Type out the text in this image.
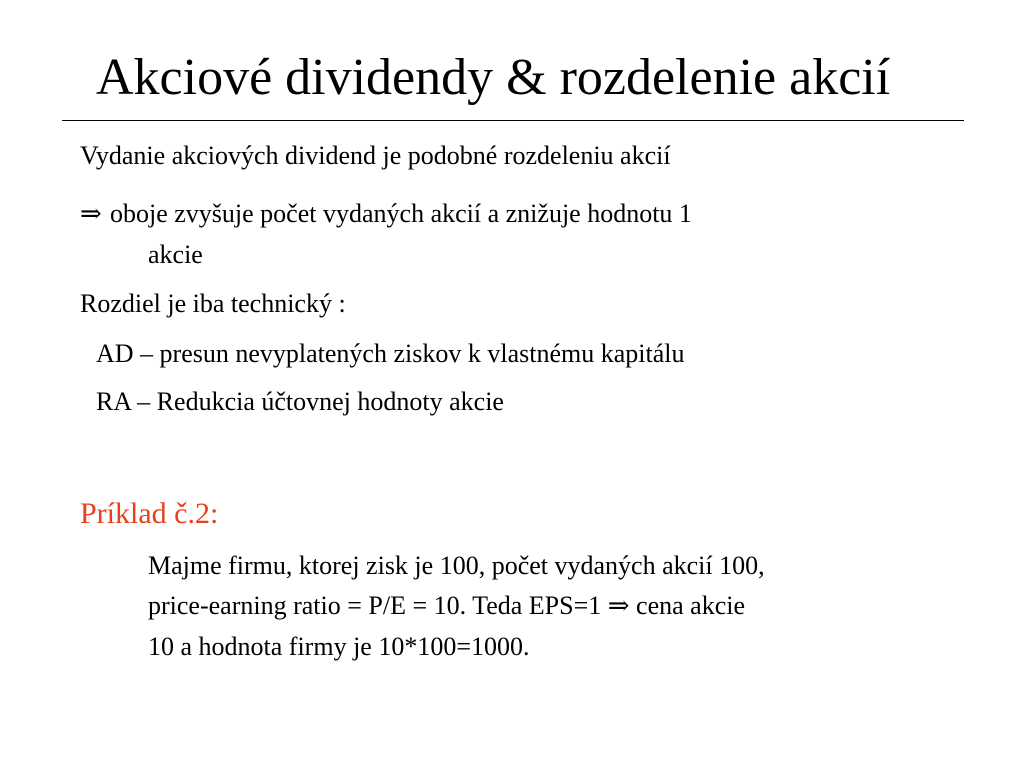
Akciové dividendy & rozdelenie akcií
Vydanie akciových dividend je podobné rozdeleniu akcií
⇒ oboje zvyšuje počet vydaných akcií a znižuje hodnotu 1
akcie
Rozdiel je iba technický :
AD – presun nevyplatených ziskov k vlastnému kapitálu
RA – Redukcia účtovnej hodnoty akcie
Príklad č.2:
Majme firmu, ktorej zisk je 100, počet vydaných akcií 100,
price-earning ratio = P/E = 10. Teda EPS=1 ⇒ cena akcie
10 a hodnota firmy je 10*100=1000.
